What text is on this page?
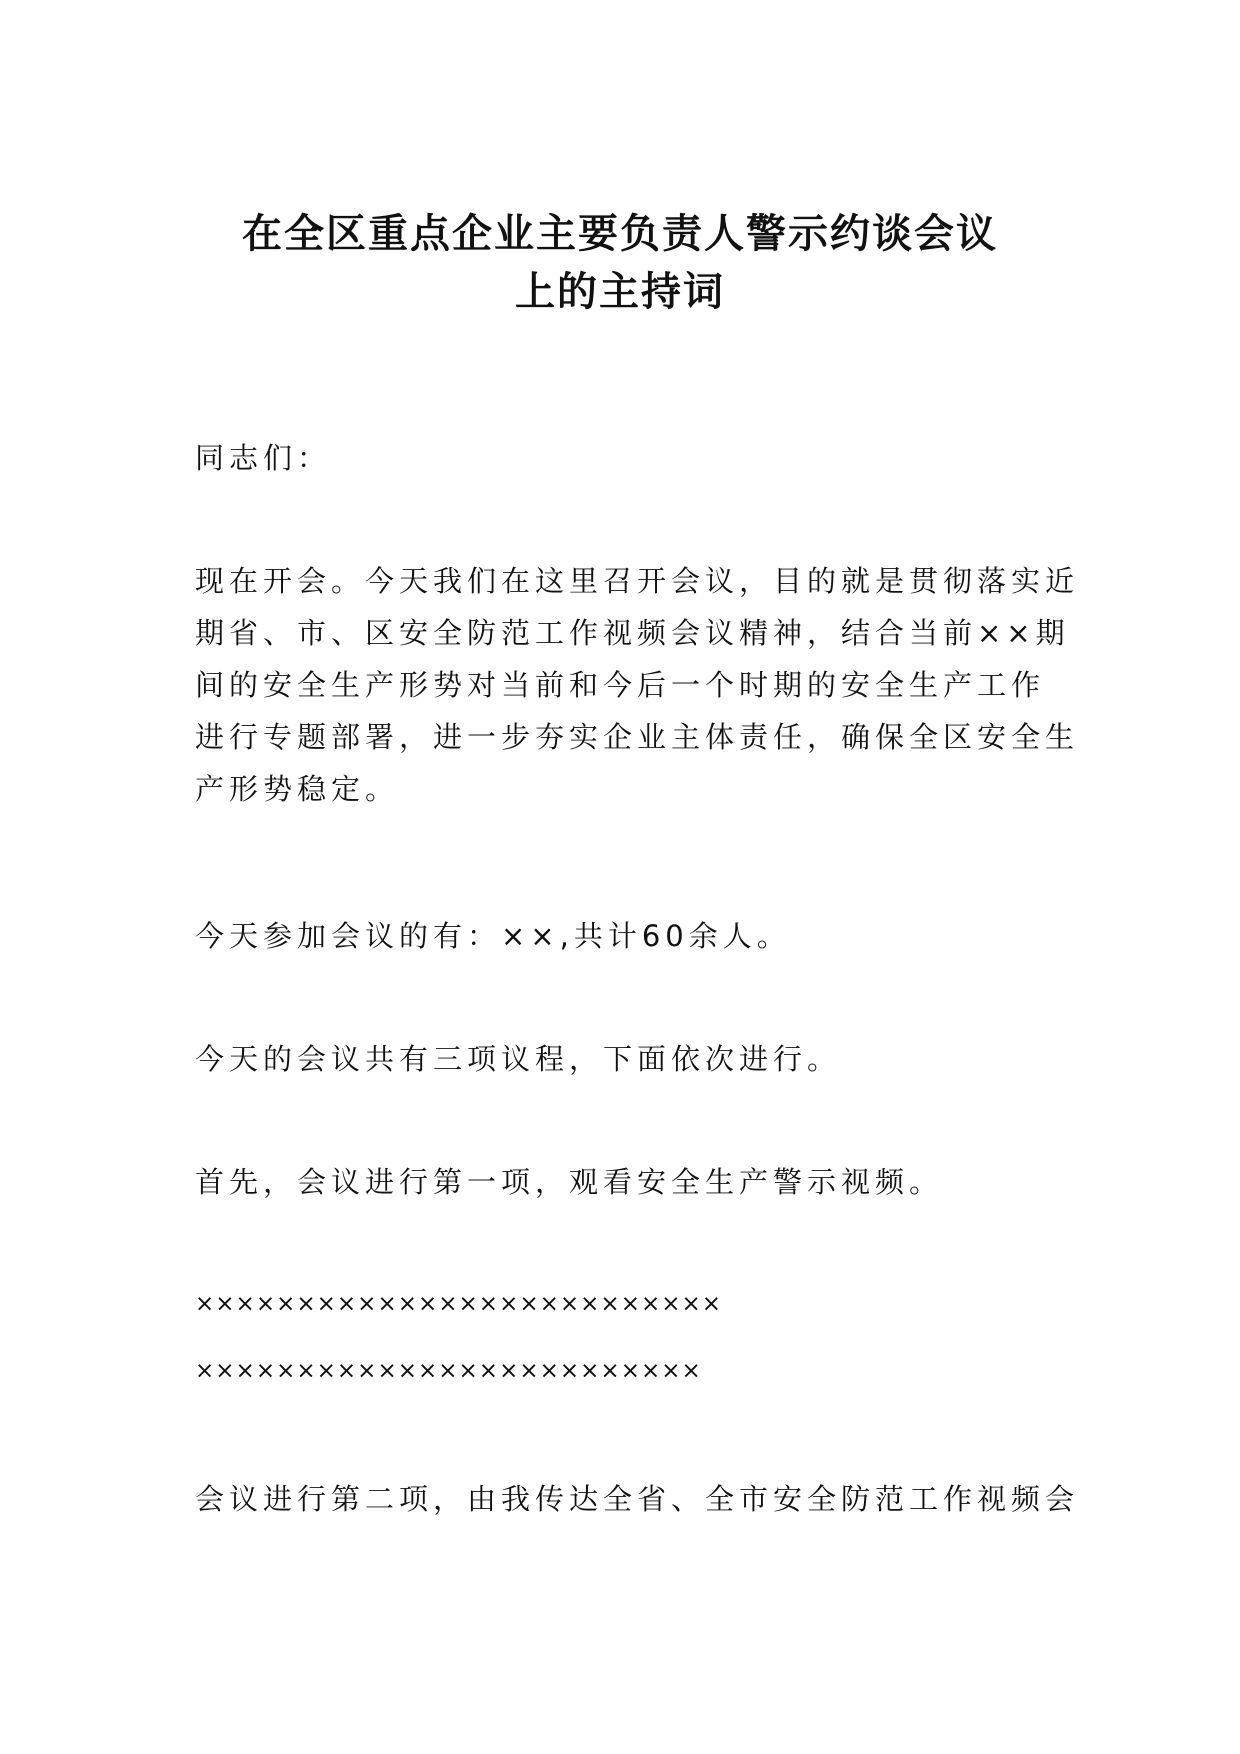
在全区重点企业主要负责人警示约谈会议
上的主持词
同志们：
现在开会。今天我们在这里召开会议，目的就是贯彻落实近
期省、市、区安全防范工作视频会议精神，结合当前××期
间的安全生产形势对当前和今后一个时期的安全生产工作
进行专题部署，进一步夯实企业主体责任，确保全区安全生
产形势稳定。
今天参加会议的有：××,共计60余人。
今天的会议共有三项议程，下面依次进行。
首先，会议进行第一项，观看安全生产警示视频。
××××××××××××××××××××××××××
×××××××××××××××××××××××××
会议进行第二项，由我传达全省、全市安全防范工作视频会
